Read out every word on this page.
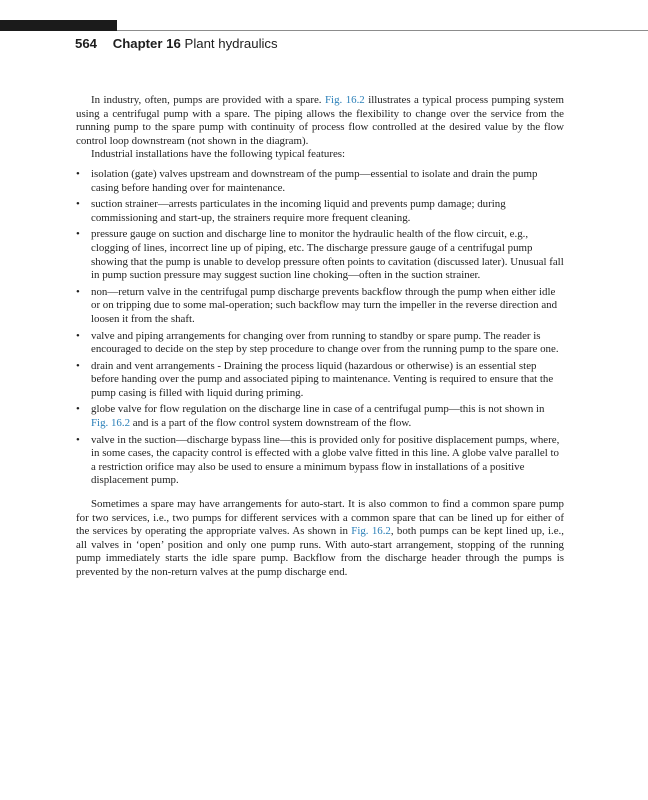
564 Chapter 16 Plant hydraulics

In industry, often, pumps are provided with a spare. Fig. 16.2 illustrates a typical process pumping system using a centrifugal pump with a spare. The piping allows the flexibility to change over the service from the running pump to the spare pump with continuity of process flow controlled at the desired value by the flow control loop downstream (not shown in the diagram).

Industrial installations have the following typical features:

• isolation (gate) valves upstream and downstream of the pump—essential to isolate and drain the pump casing before handing over for maintenance.
• suction strainer—arrests particulates in the incoming liquid and prevents pump damage; during commissioning and start-up, the strainers require more frequent cleaning.
• pressure gauge on suction and discharge line to monitor the hydraulic health of the flow circuit, e.g., clogging of lines, incorrect line up of piping, etc. The discharge pressure gauge of a centrifugal pump showing that the pump is unable to develop pressure often points to cavitation (discussed later). Unusual fall in pump suction pressure may suggest suction line choking—often in the suction strainer.
• non—return valve in the centrifugal pump discharge prevents backflow through the pump when either idle or on tripping due to some mal-operation; such backflow may turn the impeller in the reverse direction and loosen it from the shaft.
• valve and piping arrangements for changing over from running to standby or spare pump. The reader is encouraged to decide on the step by step procedure to change over from the running pump to the spare one.
• drain and vent arrangements - Draining the process liquid (hazardous or otherwise) is an essential step before handing over the pump and associated piping to maintenance. Venting is required to ensure that the pump casing is filled with liquid during priming.
• globe valve for flow regulation on the discharge line in case of a centrifugal pump—this is not shown in Fig. 16.2 and is a part of the flow control system downstream of the flow.
• valve in the suction—discharge bypass line—this is provided only for positive displacement pumps, where, in some cases, the capacity control is effected with a globe valve fitted in this line. A globe valve parallel to a restriction orifice may also be used to ensure a minimum bypass flow in installations of a positive displacement pump.

Sometimes a spare may have arrangements for auto-start. It is also common to find a common spare pump for two services, i.e., two pumps for different services with a common spare that can be lined up for either of the services by operating the appropriate valves. As shown in Fig. 16.2, both pumps can be kept lined up, i.e., all valves in ‘open’ position and only one pump runs. With auto-start arrangement, stopping of the running pump immediately starts the idle spare pump. Backflow from the discharge header through the pumps is prevented by the non-return valves at the pump discharge end.
